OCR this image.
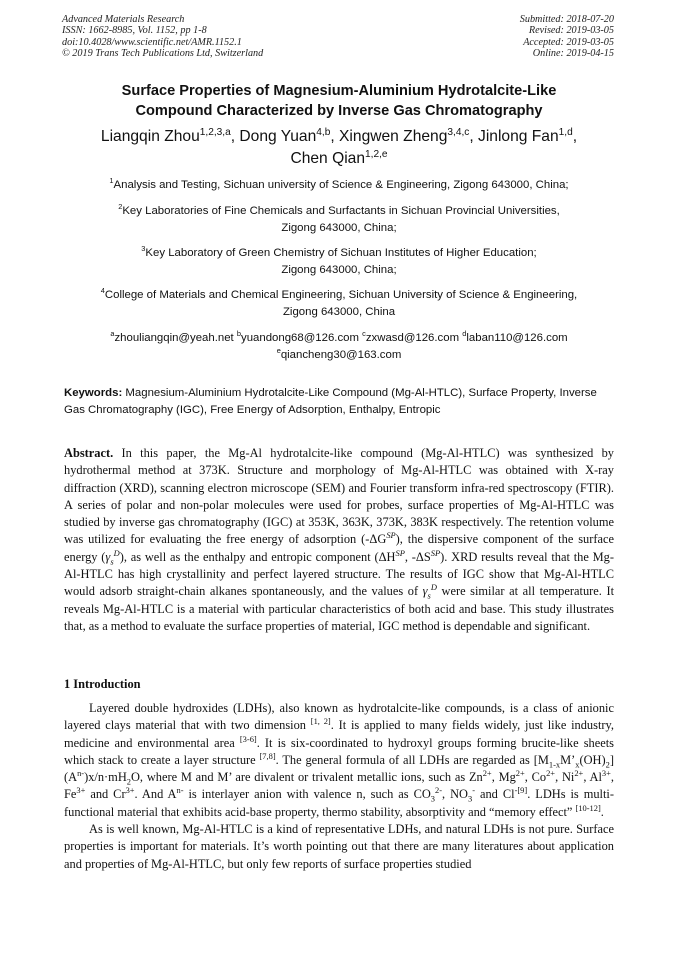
Advanced Materials Research
ISSN: 1662-8985, Vol. 1152, pp 1-8
doi:10.4028/www.scientific.net/AMR.1152.1
© 2019 Trans Tech Publications Ltd, Switzerland
Submitted: 2018-07-20
Revised: 2019-03-05
Accepted: 2019-03-05
Online: 2019-04-15
Surface Properties of Magnesium-Aluminium Hydrotalcite-Like
Compound Characterized by Inverse Gas Chromatography
Liangqin Zhou$^{1,2,3,a}$, Dong Yuan$^{4,b}$, Xingwen Zheng$^{3,4,c}$, Jinlong Fan$^{1,d}$,
Chen Qian$^{1,2,e}$
$^1$Analysis and Testing, Sichuan university of Science & Engineering, Zigong 643000, China;
$^2$Key Laboratories of Fine Chemicals and Surfactants in Sichuan Provincial Universities,
Zigong 643000, China;
$^3$Key Laboratory of Green Chemistry of Sichuan Institutes of Higher Education;
Zigong 643000, China;
$^4$College of Materials and Chemical Engineering, Sichuan University of Science & Engineering,
Zigong 643000, China
$^a$zhouliangqin@yeah.net $^b$yuandong68@126.com $^c$zxwasd@126.com $^d$laban110@126.com
$^e$qiancheng30@163.com
Keywords: Magnesium-Aluminium Hydrotalcite-Like Compound (Mg-Al-HTLC), Surface Property, Inverse Gas Chromatography (IGC), Free Energy of Adsorption, Enthalpy, Entropic
Abstract. In this paper, the Mg-Al hydrotalcite-like compound (Mg-Al-HTLC) was synthesized by hydrothermal method at 373K. Structure and morphology of Mg-Al-HTLC was obtained with X-ray diffraction (XRD), scanning electron microscope (SEM) and Fourier transform infra-red spectroscopy (FTIR). A series of polar and non-polar molecules were used for probes, surface properties of Mg-Al-HTLC was studied by inverse gas chromatography (IGC) at 353K, 363K, 373K, 383K respectively. The retention volume was utilized for evaluating the free energy of adsorption $(-\Delta G^{SP})$, the dispersive component of the surface energy $(\gamma_s^D)$, as well as the enthalpy and entropic component ($\Delta H^{SP}$, $-\Delta S^{SP}$). XRD results reveal that the Mg-Al-HTLC has high crystallinity and perfect layered structure. The results of IGC show that Mg-Al-HTLC would adsorb straight-chain alkanes spontaneously, and the values of $\gamma_s^D$ were similar at all temperature. It reveals Mg-Al-HTLC is a material with particular characteristics of both acid and base. This study illustrates that, as a method to evaluate the surface properties of material, IGC method is dependable and significant.
1 Introduction

Layered double hydroxides (LDHs), also known as hydrotalcite-like compounds, is a class of anionic layered clays material that with two dimension [1, 2]. It is applied to many fields widely, just like industry, medicine and environmental area [3-6]. It is six-coordinated to hydroxyl groups forming brucite-like sheets which stack to create a layer structure [7,8]. The general formula of all LDHs are regarded as $[M_{1-x}M’_x(OH)_2](A^{n-})x/n\cdot mH_2O$, where M and M’ are divalent or trivalent metallic ions, such as $Zn^{2+}$, $Mg^{2+}$, $Co^{2+}$, $Ni^{2+}$, $Al^{3+}$, $Fe^{3+}$ and $Cr^{3+}$. And $A^{n-}$ is interlayer anion with valence n, such as $CO_3^{2-}$, $NO_3^-$ and $Cl^{-[9]}$. LDHs is multi-functional material that exhibits acid-base property, thermo stability, absorptivity and “memory effect” [10-12].

As is well known, Mg-Al-HTLC is a kind of representative LDHs, and natural LDHs is not pure. Surface properties is important for materials. It’s worth pointing out that there are many literatures about application and properties of Mg-Al-HTLC, but only few reports of surface properties studied
